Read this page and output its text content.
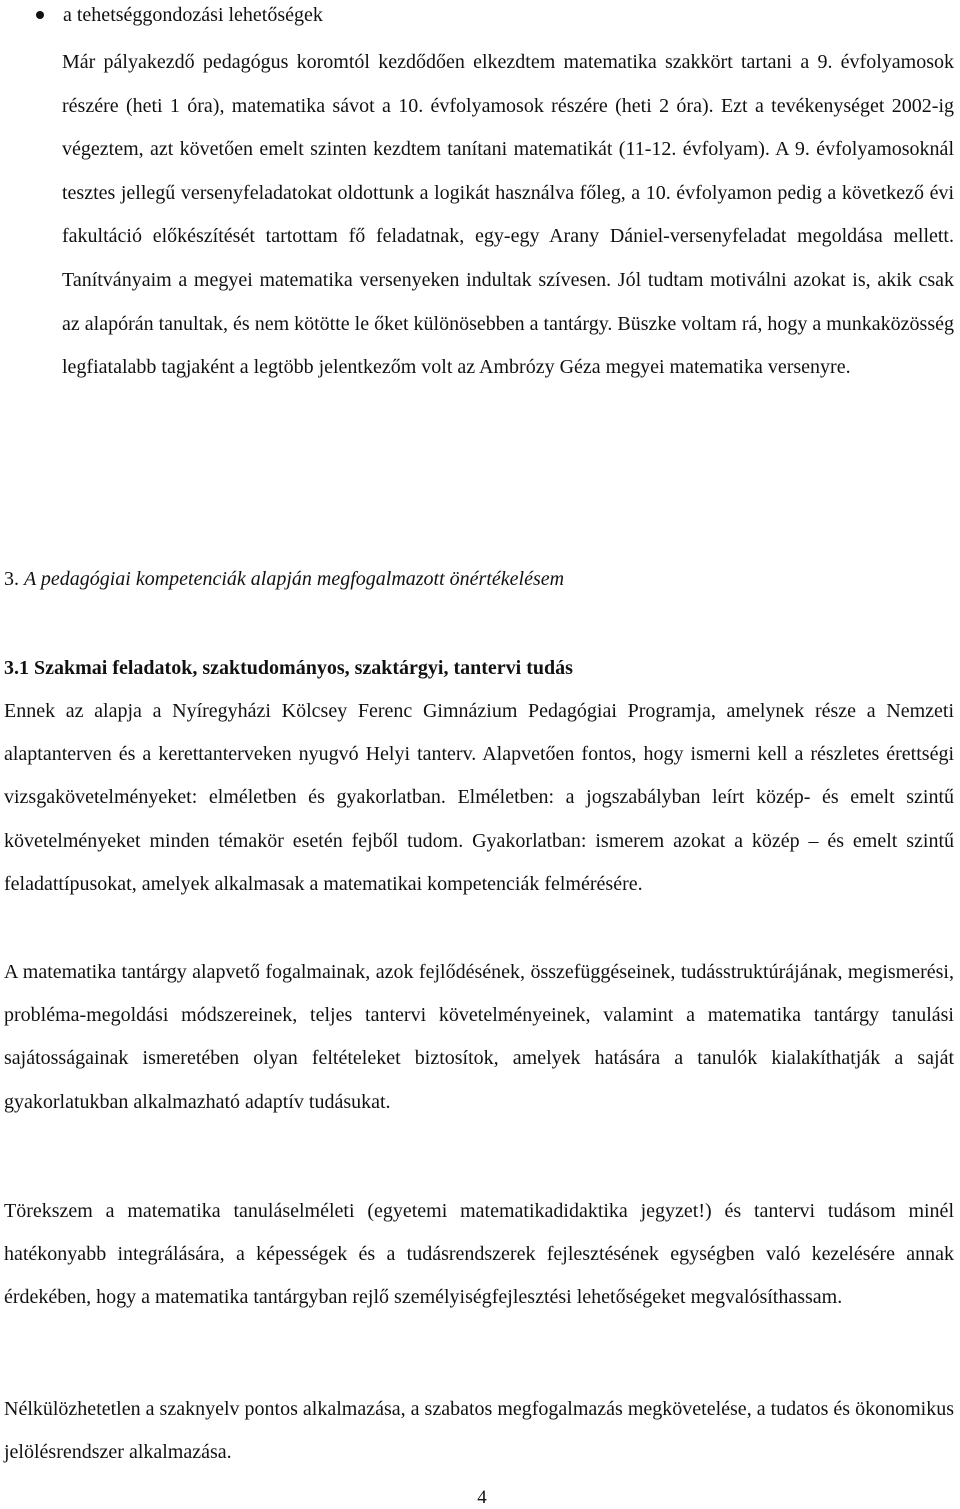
a tehetséggondozási lehetőségek
Már pályakezdő pedagógus koromtól kezdődően elkezdtem matematika szakkört tartani a 9. évfolyamosok részére (heti 1 óra), matematika sávot a 10. évfolyamosok részére (heti 2 óra). Ezt a tevékenységet 2002-ig végeztem, azt követően emelt szinten kezdtem tanítani matematikát (11-12. évfolyam). A 9. évfolyamosoknál tesztes jellegű versenyfeladatokat oldottunk a logikát használva főleg, a 10. évfolyamon pedig a következő évi fakultáció előkészítését tartottam fő feladatnak, egy-egy Arany Dániel-versenyfeladat megoldása mellett. Tanítványaim a megyei matematika versenyeken indultak szívesen. Jól tudtam motiválni azokat is, akik csak az alapórán tanultak, és nem kötötte le őket különösebben a tantárgy. Büszke voltam rá, hogy a munkaközösség legfiatalabb tagjaként a legtöbb jelentkezőm volt az Ambrózy Géza megyei matematika versenyre.
3. A pedagógiai kompetenciák alapján megfogalmazott önértékelésem
3.1 Szakmai feladatok, szaktudományos, szaktárgyi, tantervi tudás
Ennek az alapja a Nyíregyházi Kölcsey Ferenc Gimnázium Pedagógiai Programja, amelynek része a Nemzeti alaptanterven és a kerettanterveken nyugvó Helyi tanterv. Alapvetően fontos, hogy ismerni kell a részletes érettségi vizsgakövetelményeket: elméletben és gyakorlatban. Elméletben: a jogszabályban leírt közép- és emelt szintű követelményeket minden témakör esetén fejből tudom. Gyakorlatban: ismerem azokat a közép – és emelt szintű feladattípusokat, amelyek alkalmasak a matematikai kompetenciák felmérésére.
A matematika tantárgy alapvető fogalmainak, azok fejlődésének, összefüggéseinek, tudásstruktúrájának, megismerési, probléma-megoldási módszereinek, teljes tantervi követelményeinek, valamint a matematika tantárgy tanulási sajátosságainak ismeretében olyan feltételeket biztosítok, amelyek hatására a tanulók kialakíthatják a saját gyakorlatukban alkalmazható adaptív tudásukat.
Törekszem a matematika tanuláselméleti (egyetemi matematikadidaktika jegyzet!) és tantervi tudásom minél hatékonyabb integrálására, a képességek és a tudásrendszerek fejlesztésének egységben való kezelésére annak érdekében, hogy a matematika tantárgyban rejlő személyiségfejlesztési lehetőségeket megvalósíthassam.
Nélkülözhetetlen a szaknyelv pontos alkalmazása, a szabatos megfogalmazás megkövetelése, a tudatos és ökonomikus jelölésrendszer alkalmazása.
4
